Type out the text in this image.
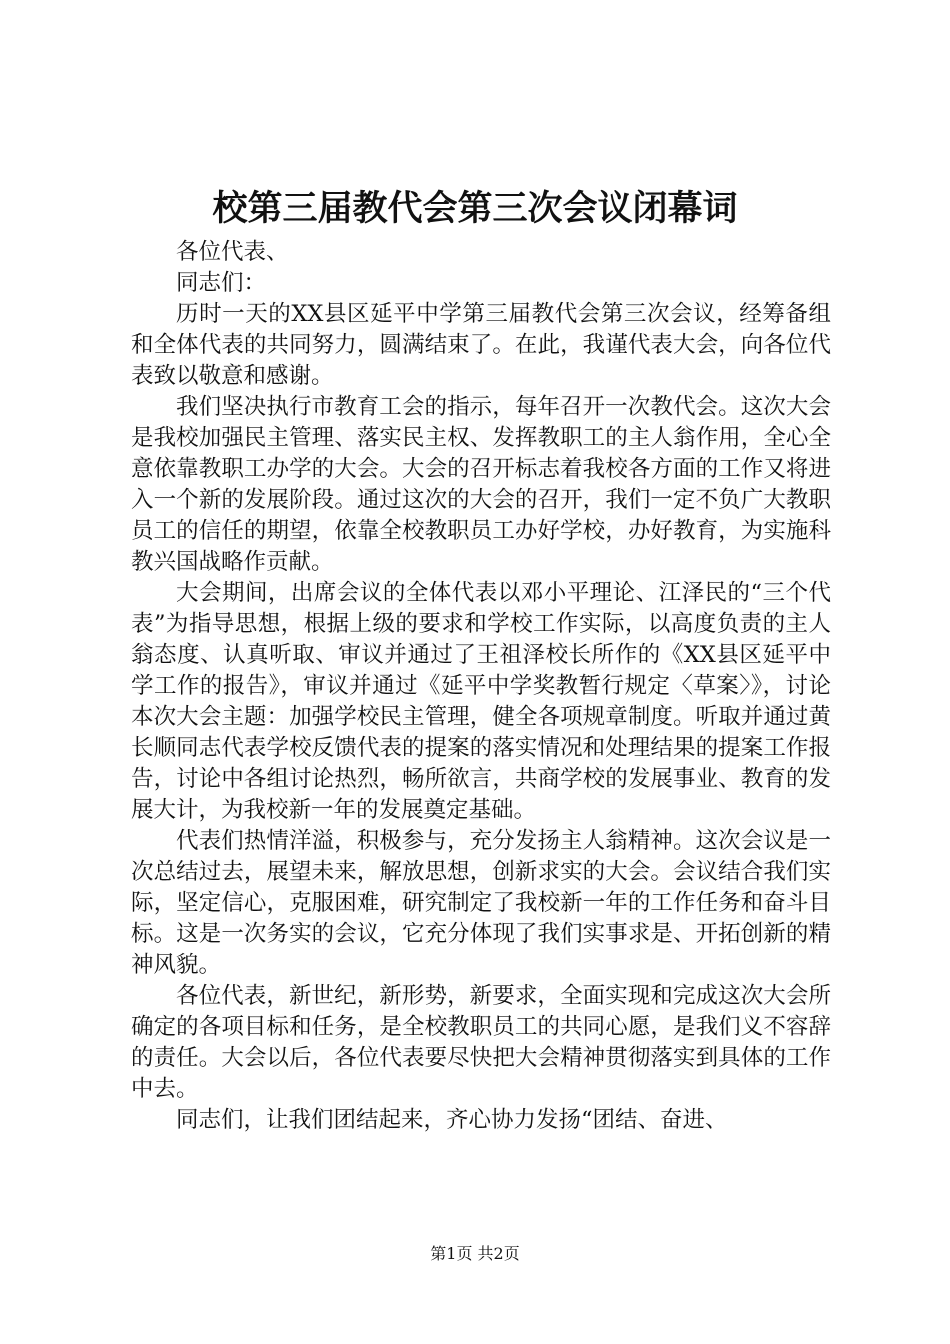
校第三届教代会第三次会议闭幕词

各位代表、

同志们：

历时一天的XX县区延平中学第三届教代会第三次会议，经筹备组和全体代表的共同努力，圆满结束了。在此，我谨代表大会，向各位代表致以敬意和感谢。

我们坚决执行市教育工会的指示，每年召开一次教代会。这次大会是我校加强民主管理、落实民主权、发挥教职工的主人翁作用，全心全意依靠教职工办学的大会。大会的召开标志着我校各方面的工作又将进入一个新的发展阶段。通过这次的大会的召开，我们一定不负广大教职员工的信任的期望，依靠全校教职员工办好学校，办好教育，为实施科教兴国战略作贡献。

大会期间，出席会议的全体代表以邓小平理论、江泽民的“三个代表”为指导思想，根据上级的要求和学校工作实际，以高度负责的主人翁态度、认真听取、审议并通过了王祖泽校长所作的《XX县区延平中学工作的报告》，审议并通过《延平中学奖教暂行规定〈草案〉》，讨论本次大会主题：加强学校民主管理，健全各项规章制度。听取并通过黄长顺同志代表学校反馈代表的提案的落实情况和处理结果的提案工作报告，讨论中各组讨论热烈，畅所欲言，共商学校的发展事业、教育的发展大计，为我校新一年的发展奠定基础。

代表们热情洋溢，积极参与，充分发扬主人翁精神。这次会议是一次总结过去，展望未来，解放思想，创新求实的大会。会议结合我们实际，坚定信心，克服困难，研究制定了我校新一年的工作任务和奋斗目标。这是一次务实的会议，它充分体现了我们实事求是、开拓创新的精神风貌。

各位代表，新世纪，新形势，新要求，全面实现和完成这次大会所确定的各项目标和任务，是全校教职员工的共同心愿，是我们义不容辞的责任。大会以后，各位代表要尽快把大会精神贯彻落实到具体的工作中去。

同志们，让我们团结起来，齐心协力发扬“团结、奋进、

第1页 共2页
